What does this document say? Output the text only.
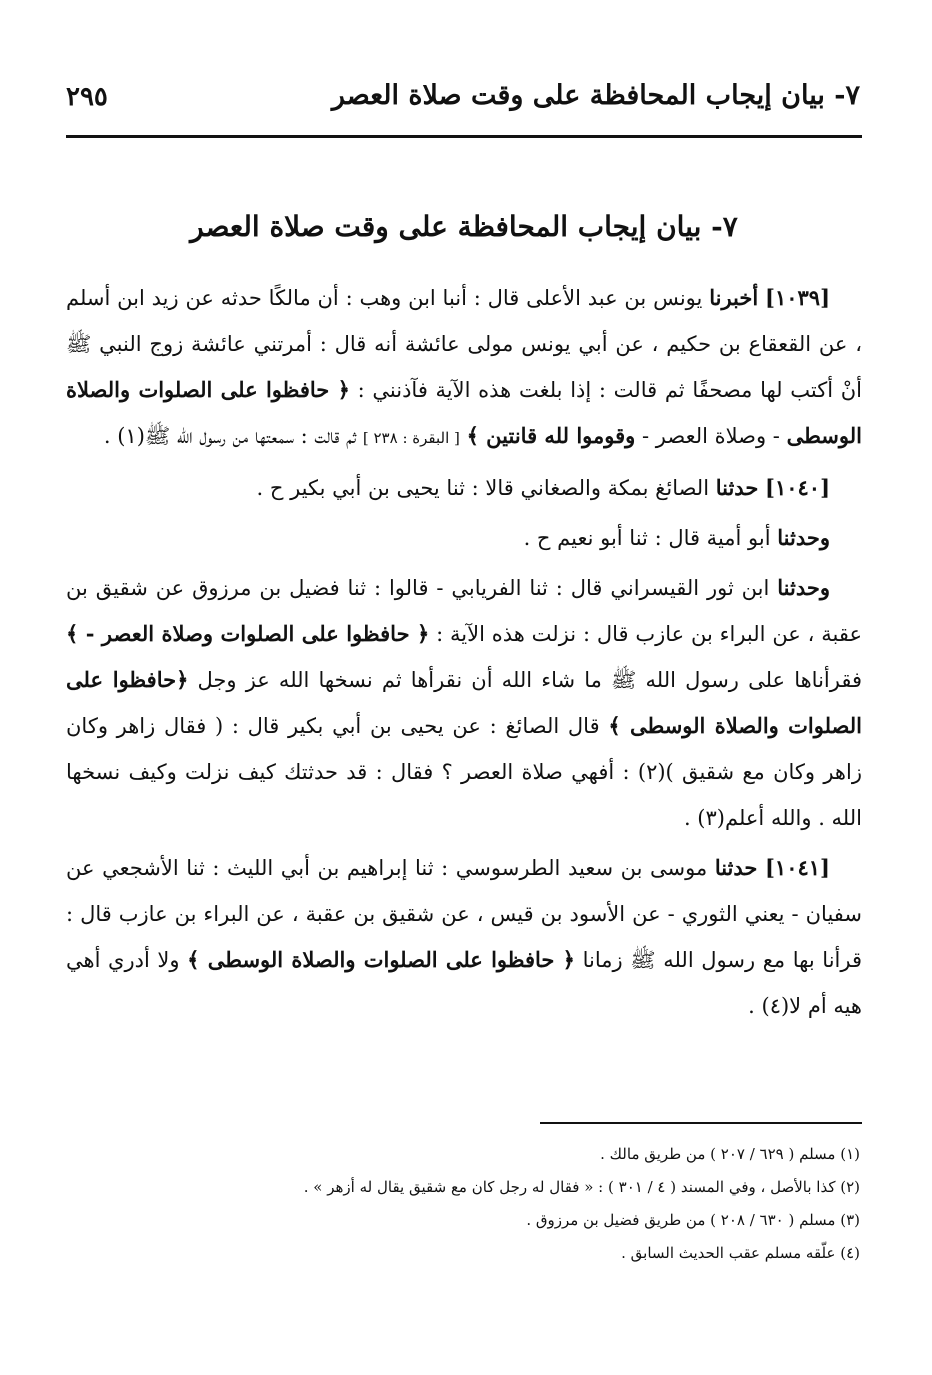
٧- بيان إيجاب المحافظة على وقت صلاة العصر
٢٩٥
٧- بيان إيجاب المحافظة على وقت صلاة العصر

[١٠٣٩] أخبرنا يونس بن عبد الأعلى قال : أنبا ابن وهب : أن مالكًا حدثه عن زيد ابن أسلم ، عن القعقاع بن حكيم ، عن أبي يونس مولى عائشة أنه قال : أمرتني عائشة زوج النبي ﷺ أنْ أكتب لها مصحفًا ثم قالت : إذا بلغت هذه الآية فآذنني : ﴿ حافظوا على الصلوات والصلاة الوسطى - وصلاة العصر - وقوموا لله قانتين ﴾ [ البقرة : ٢٣٨ ] ثم قالت : سمعتها من رسول الله ﷺ(١) .

[١٠٤٠] حدثنا الصائغ بمكة والصغاني قالا : ثنا يحيى بن أبي بكير ح .

وحدثنا أبو أمية قال : ثنا أبو نعيم ح .

وحدثنا ابن ثور القيسراني قال : ثنا الفريابي - قالوا : ثنا فضيل بن مرزوق عن شقيق بن عقبة ، عن البراء بن عازب قال : نزلت هذه الآية : ﴿ حافظوا على الصلوات وصلاة العصر - ﴾ فقرأناها على رسول الله ﷺ ما شاء الله أن نقرأها ثم نسخها الله عز وجل ﴿حافظوا على الصلوات والصلاة الوسطى ﴾ قال الصائغ : عن يحيى بن أبي بكير قال : ( فقال زاهر وكان زاهر وكان مع شقيق )(٢) : أفهي صلاة العصر ؟ فقال : قد حدثتك كيف نزلت وكيف نسخها الله . والله أعلم(٣) .

[١٠٤١] حدثنا موسى بن سعيد الطرسوسي : ثنا إبراهيم بن أبي الليث : ثنا الأشجعي عن سفيان - يعني الثوري - عن الأسود بن قيس ، عن شقيق بن عقبة ، عن البراء بن عازب قال : قرأنا بها مع رسول الله ﷺ زمانا ﴿ حافظوا على الصلوات والصلاة الوسطى ﴾ ولا أدري أهي هيه أم لا(٤) .

(١) مسلم ( ٦٢٩ / ٢٠٧ ) من طريق مالك .
(٢) كذا بالأصل ، وفي المسند ( ٤ / ٣٠١ ) : « فقال له رجل كان مع شقيق يقال له أزهر » .
(٣) مسلم ( ٦٣٠ / ٢٠٨ ) من طريق فضيل بن مرزوق .
(٤) علّقه مسلم عقب الحديث السابق .
